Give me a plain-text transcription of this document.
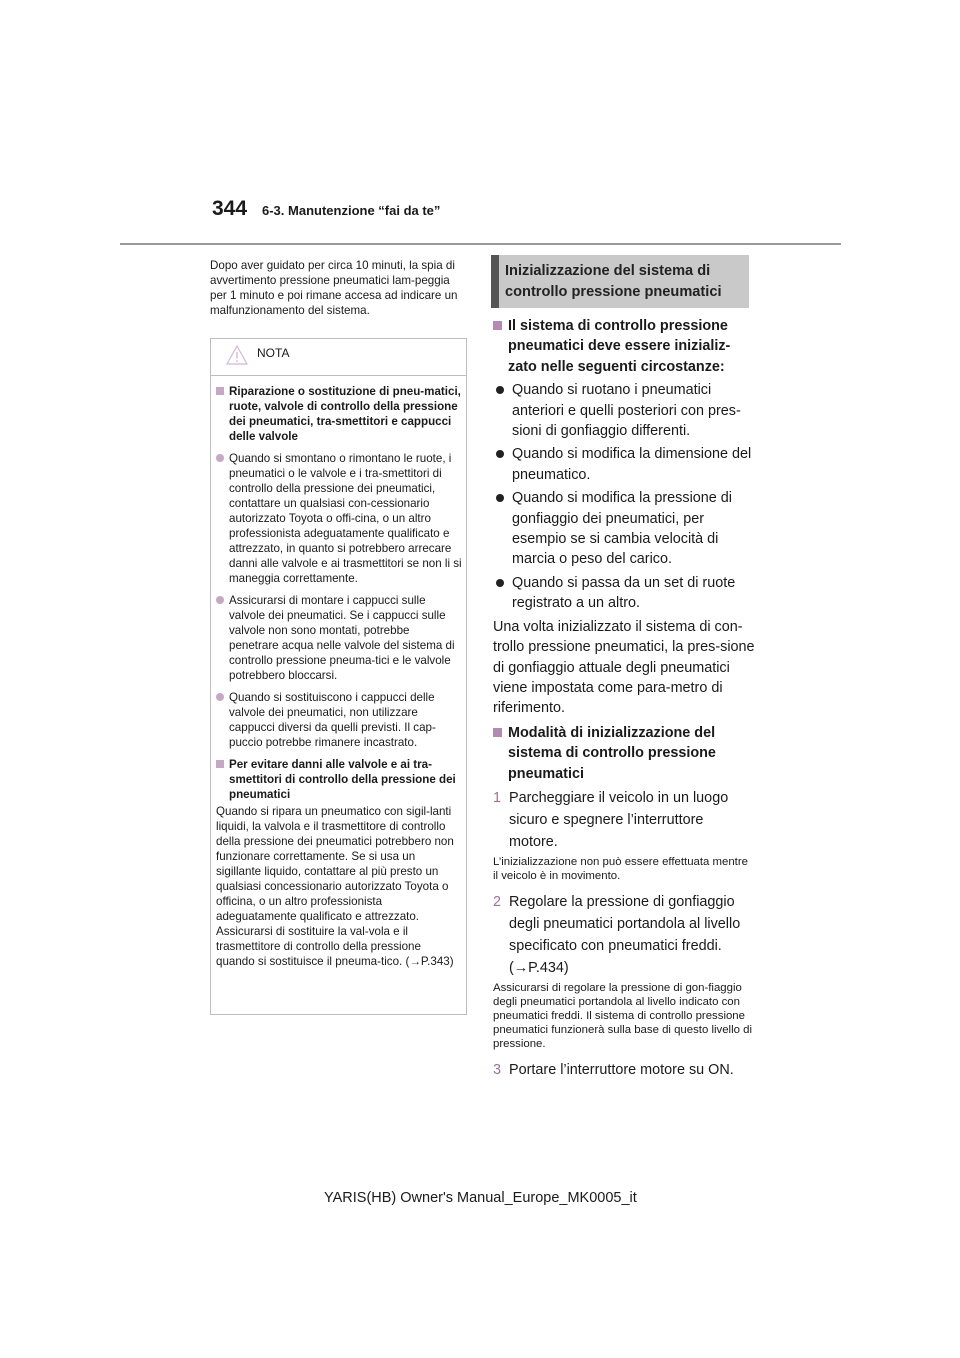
344 6-3. Manutenzione “fai da te”
Dopo aver guidato per circa 10 minuti, la spia di avvertimento pressione pneumatici lam-peggia per 1 minuto e poi rimane accesa ad indicare un malfunzionamento del sistema.
NOTA
Riparazione o sostituzione di pneu-matici, ruote, valvole di controllo della pressione dei pneumatici, tra-smettitori e cappucci delle valvole
Quando si smontano o rimontano le ruote, i pneumatici o le valvole e i tra-smettitori di controllo della pressione dei pneumatici, contattare un qualsiasi con-cessionario autorizzato Toyota o offi-cina, o un altro professionista adeguatamente qualificato e attrezzato, in quanto si potrebbero arrecare danni alle valvole e ai trasmettitori se non li si maneggia correttamente.
Assicurarsi di montare i cappucci sulle valvole dei pneumatici. Se i cappucci sulle valvole non sono montati, potrebbe penetrare acqua nelle valvole del sistema di controllo pressione pneuma-tici e le valvole potrebbero bloccarsi.
Quando si sostituiscono i cappucci delle valvole dei pneumatici, non utilizzare cappucci diversi da quelli previsti. Il cap-puccio potrebbe rimanere incastrato.
Per evitare danni alle valvole e ai tra-smettitori di controllo della pressione dei pneumatici
Quando si ripara un pneumatico con sigil-lanti liquidi, la valvola e il trasmettitore di controllo della pressione dei pneumatici potrebbero non funzionare correttamente. Se si usa un sigillante liquido, contattare al più presto un qualsiasi concessionario autorizzato Toyota o officina, o un altro professionista adeguatamente qualificato e attrezzato. Assicurarsi di sostituire la val-vola e il trasmettitore di controllo della pressione quando si sostituisce il pneuma-tico. (→P.343)
Inizializzazione del sistema di
controllo pressione pneumatici
Il sistema di controllo pressione pneumatici deve essere inizializ-zato nelle seguenti circostanze:
Quando si ruotano i pneumatici anteriori e quelli posteriori con pres-sioni di gonfiaggio differenti.
Quando si modifica la dimensione del pneumatico.
Quando si modifica la pressione di gonfiaggio dei pneumatici, per esempio se si cambia velocità di marcia o peso del carico.
Quando si passa da un set di ruote registrato a un altro.
Una volta inizializzato il sistema di con-trollo pressione pneumatici, la pres-sione di gonfiaggio attuale degli pneumatici viene impostata come para-metro di riferimento.
Modalità di inizializzazione del sistema di controllo pressione pneumatici
1 Parcheggiare il veicolo in un luogo sicuro e spegnere l’interruttore motore.
L’inizializzazione non può essere effettuata mentre il veicolo è in movimento.
2 Regolare la pressione di gonfiaggio degli pneumatici portandola al livello specificato con pneumatici freddi. (→P.434)
Assicurarsi di regolare la pressione di gon-fiaggio degli pneumatici portandola al livello indicato con pneumatici freddi. Il sistema di controllo pressione pneumatici funzionerà sulla base di questo livello di pressione.
3 Portare l’interruttore motore su ON.
YARIS(HB) Owner's Manual_Europe_MK0005_it
